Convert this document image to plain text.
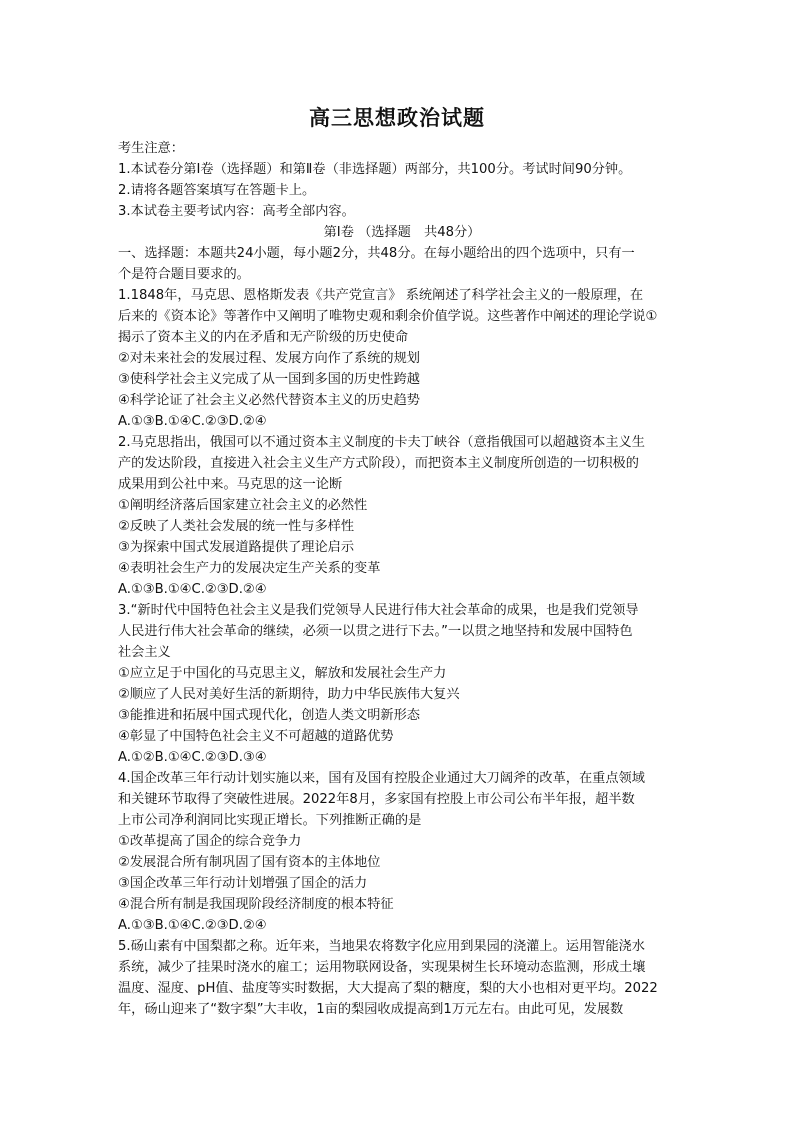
高三思想政治试题
考生注意：
1.本试卷分第Ⅰ卷（选择题）和第Ⅱ卷（非选择题）两部分，共100分。考试时间90分钟。
2.请将各题答案填写在答题卡上。
3.本试卷主要考试内容：高考全部内容。
第Ⅰ卷 （选择题　共48分）
一、选择题：本题共24小题，每小题2分，共48分。在每小题给出的四个选项中，只有一
个是符合题目要求的。
1.1848年，马克思、恩格斯发表《共产党宣言》 系统阐述了科学社会主义的一般原理，在
后来的《资本论》等著作中又阐明了唯物史观和剩余价值学说。这些著作中阐述的理论学说①
揭示了资本主义的内在矛盾和无产阶级的历史使命
②对未来社会的发展过程、发展方向作了系统的规划
③使科学社会主义完成了从一国到多国的历史性跨越
④科学论证了社会主义必然代替资本主义的历史趋势
A.①③B.①④C.②③D.②④
2.马克思指出，俄国可以不通过资本主义制度的卡夫丁峡谷（意指俄国可以超越资本主义生
产的发达阶段，直接进入社会主义生产方式阶段），而把资本主义制度所创造的一切积极的
成果用到公社中来。马克思的这一论断
①阐明经济落后国家建立社会主义的必然性
②反映了人类社会发展的统一性与多样性
③为探索中国式发展道路提供了理论启示
④表明社会生产力的发展决定生产关系的变革
A.①③B.①④C.②③D.②④
3.“新时代中国特色社会主义是我们党领导人民进行伟大社会革命的成果，也是我们党领导
人民进行伟大社会革命的继续，必须一以贯之进行下去。”一以贯之地坚持和发展中国特色
社会主义
①应立足于中国化的马克思主义，解放和发展社会生产力
②顺应了人民对美好生活的新期待，助力中华民族伟大复兴
③能推进和拓展中国式现代化，创造人类文明新形态
④彰显了中国特色社会主义不可超越的道路优势
A.①②B.①④C.②③D.③④
4.国企改革三年行动计划实施以来，国有及国有控股企业通过大刀阔斧的改革，在重点领域
和关键环节取得了突破性进展。2022年8月，多家国有控股上市公司公布半年报，超半数
上市公司净利润同比实现正增长。下列推断正确的是
①改革提高了国企的综合竞争力
②发展混合所有制巩固了国有资本的主体地位
③国企改革三年行动计划增强了国企的活力
④混合所有制是我国现阶段经济制度的根本特征
A.①③B.①④C.②③D.②④
5.砀山素有中国梨都之称。近年来，当地果农将数字化应用到果园的浇灌上。运用智能浇水
系统，减少了挂果时浇水的雇工；运用物联网设备，实现果树生长环境动态监测，形成土壤
温度、湿度、pH值、盐度等实时数据，大大提高了梨的糖度，梨的大小也相对更平均。2022
年，砀山迎来了“数字梨”大丰收，1亩的梨园收成提高到1万元左右。由此可见，发展数
